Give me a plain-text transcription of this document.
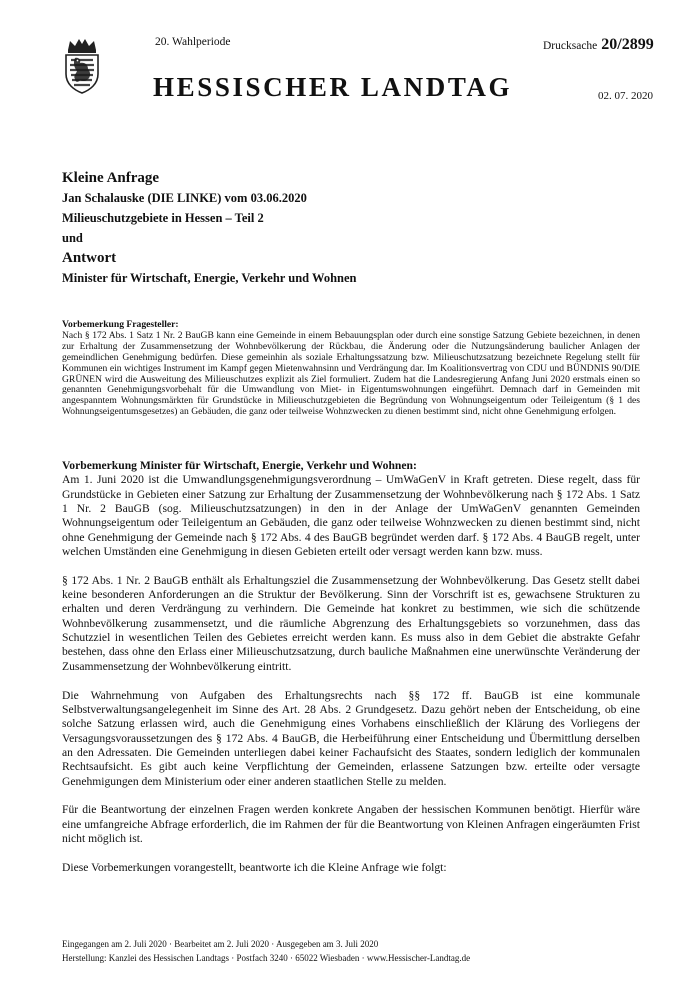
20. Wahlperiode	Drucksache 20/2899
HESSISCHER LANDTAG	02. 07. 2020
Kleine Anfrage
Jan Schalauske (DIE LINKE) vom 03.06.2020
Milieuschutzgebiete in Hessen – Teil 2
und
Antwort
Minister für Wirtschaft, Energie, Verkehr und Wohnen
Vorbemerkung Fragesteller:
Nach § 172 Abs. 1 Satz 1 Nr. 2 BauGB kann eine Gemeinde in einem Bebauungsplan oder durch eine sonstige Satzung Gebiete bezeichnen, in denen zur Erhaltung der Zusammensetzung der Wohnbevölkerung der Rückbau, die Änderung oder die Nutzungsänderung baulicher Anlagen der gemeindlichen Genehmigung bedürfen. Diese gemeinhin als soziale Erhaltungssatzung bzw. Milieuschutzsatzung bezeichnete Regelung stellt für Kommunen ein wichtiges Instrument im Kampf gegen Mietenwahnsinn und Verdrängung dar. Im Koalitionsvertrag von CDU und BÜNDNIS 90/DIE GRÜNEN wird die Ausweitung des Milieuschutzes explizit als Ziel formuliert. Zudem hat die Landesregierung Anfang Juni 2020 erstmals einen so genannten Genehmigungsvorbehalt für die Umwandlung von Miet- in Eigentumswohnungen eingeführt. Demnach darf in Gemeinden mit angespanntem Wohnungsmärkten für Grundstücke in Milieuschutzgebieten die Begründung von Wohnungseigentum oder Teileigentum (§ 1 des Wohnungseigentumsgesetzes) an Gebäuden, die ganz oder teilweise Wohnzwecken zu dienen bestimmt sind, nicht ohne Genehmigung erfolgen.
Vorbemerkung Minister für Wirtschaft, Energie, Verkehr und Wohnen:

Am 1. Juni 2020 ist die Umwandlungsgenehmigungsverordnung – UmWaGenV in Kraft getreten. Diese regelt, dass für Grundstücke in Gebieten einer Satzung zur Erhaltung der Zusammensetzung der Wohnbevölkerung nach § 172 Abs. 1 Satz 1 Nr. 2 BauGB (sog. Milieuschutzsatzungen) in den in der Anlage der UmWaGenV genannten Gemeinden Wohnungseigentum oder Teileigentum an Gebäuden, die ganz oder teilweise Wohnzwecken zu dienen bestimmt sind, nicht ohne Genehmigung der Gemeinde nach § 172 Abs. 4 des BauGB begründet werden darf. § 172 Abs. 4 BauGB regelt, unter welchen Umständen eine Genehmigung in diesen Gebieten erteilt oder versagt werden kann bzw. muss.

§ 172 Abs. 1 Nr. 2 BauGB enthält als Erhaltungsziel die Zusammensetzung der Wohnbevölkerung. Das Gesetz stellt dabei keine besonderen Anforderungen an die Struktur der Bevölkerung. Sinn der Vorschrift ist es, gewachsene Strukturen zu erhalten und deren Verdrängung zu verhindern. Die Gemeinde hat konkret zu bestimmen, wie sich die schützende Wohnbevölkerung zusammensetzt, und die räumliche Abgrenzung des Erhaltungsgebiets so vorzunehmen, dass das Schutzziel in wesentlichen Teilen des Gebietes erreicht werden kann. Es muss also in dem Gebiet die abstrakte Gefahr bestehen, dass ohne den Erlass einer Milieuschutzsatzung, durch bauliche Maßnahmen eine unerwünschte Veränderung der Zusammensetzung der Wohnbevölkerung eintritt.

Die Wahrnehmung von Aufgaben des Erhaltungsrechts nach §§ 172 ff. BauGB ist eine kommunale Selbstverwaltungsangelegenheit im Sinne des Art. 28 Abs. 2 Grundgesetz. Dazu gehört neben der Entscheidung, ob eine solche Satzung erlassen wird, auch die Genehmigung eines Vorhabens einschließlich der Klärung des Vorliegens der Versagungsvoraussetzungen des § 172 Abs. 4 BauGB, die Herbeiführung einer Entscheidung und Übermittlung derselben an den Adressaten. Die Gemeinden unterliegen dabei keiner Fachaufsicht des Staates, sondern lediglich der kommunalen Rechtsaufsicht. Es gibt auch keine Verpflichtung der Gemeinden, erlassene Satzungen bzw. erteilte oder versagte Genehmigungen dem Ministerium oder einer anderen staatlichen Stelle zu melden.

Für die Beantwortung der einzelnen Fragen werden konkrete Angaben der hessischen Kommunen benötigt. Hierfür wäre eine umfangreiche Abfrage erforderlich, die im Rahmen der für die Beantwortung von Kleinen Anfragen eingeräumten Frist nicht möglich ist.

Diese Vorbemerkungen vorangestellt, beantworte ich die Kleine Anfrage wie folgt:

Eingegangen am 2. Juli 2020 · Bearbeitet am 2. Juli 2020 · Ausgegeben am 3. Juli 2020
Herstellung: Kanzlei des Hessischen Landtags · Postfach 3240 · 65022 Wiesbaden · www.Hessischer-Landtag.de
